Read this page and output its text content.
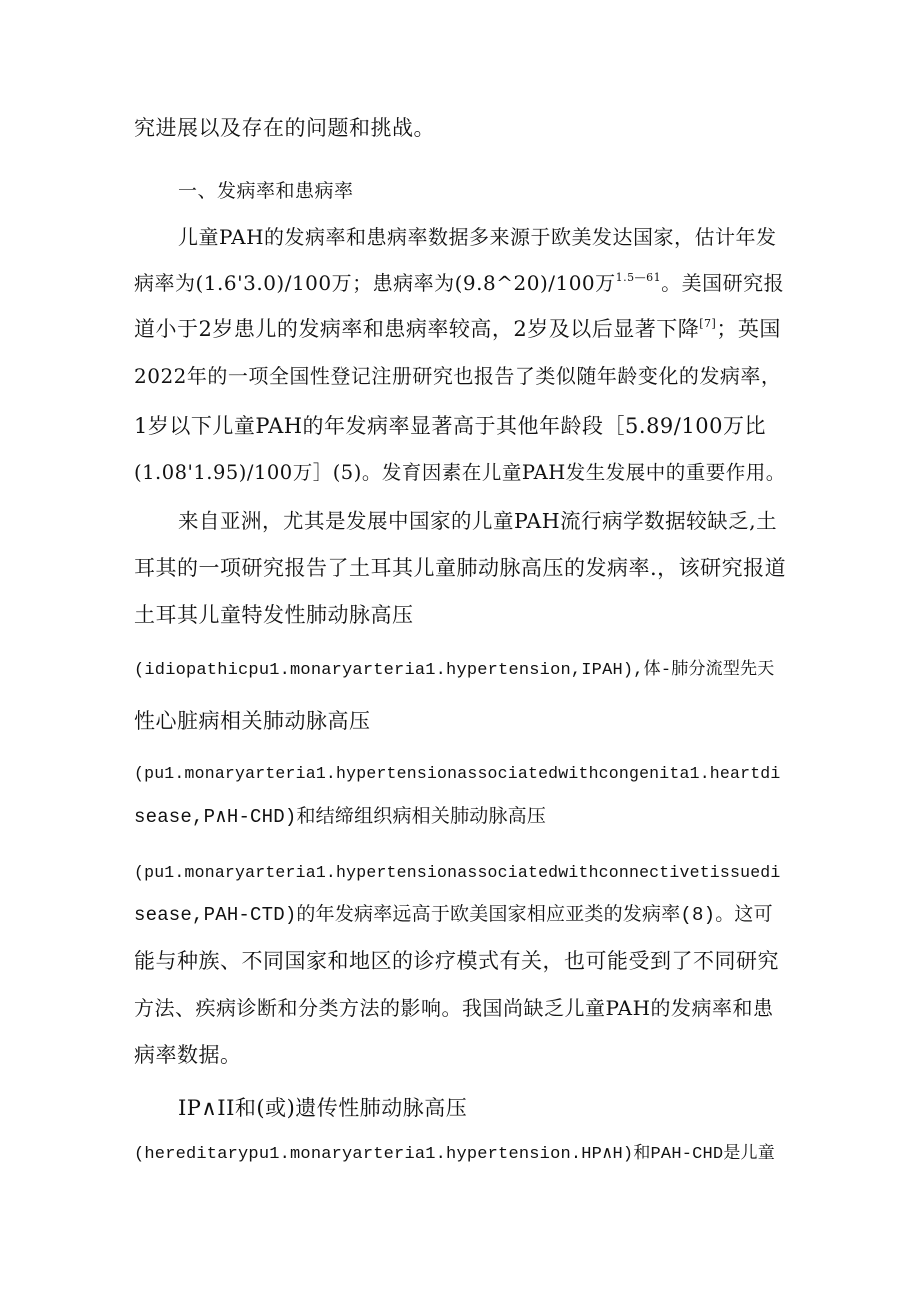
究进展以及存在的问题和挑战。
一、发病率和患病率
儿童PAH的发病率和患病率数据多来源于欧美发达国家，估计年发
病率为(1.6'3.0)/100万；患病率为(9.8^20)/100万$^{1.5—61}$。美国研究报
道小于2岁患儿的发病率和患病率较高，2岁及以后显著下降[7]；英国
2022年的一项全国性登记注册研究也报告了类似随年龄变化的发病率，
1岁以下儿童PAH的年发病率显著高于其他年龄段［5.89/100万比
(1.08'1.95)/100万］(5)。发育因素在儿童PAH发生发展中的重要作用。
来自亚洲，尤其是发展中国家的儿童PAH流行病学数据较缺乏,土
耳其的一项研究报告了土耳其儿童肺动脉高压的发病率.，该研究报道
土耳其儿童特发性肺动脉高压
(idiopathicpu1.monaryarteria1.hypertension,IPAH),体-肺分流型先天
性心脏病相关肺动脉高压
(pu1.monaryarteria1.hypertensionassociatedwithcongenita1.heartdi
sease,P∧H-CHD)和结缔组织病相关肺动脉高压
(pu1.monaryarteria1.hypertensionassociatedwithconnectivetissuedi
sease,PAH-CTD)的年发病率远高于欧美国家相应亚类的发病率(8)。这可
能与种族、不同国家和地区的诊疗模式有关，也可能受到了不同研究
方法、疾病诊断和分类方法的影响。我国尚缺乏儿童PAH的发病率和患
病率数据。
IP∧II和(或)遗传性肺动脉高压
(hereditarypu1.monaryarteria1.hypertension.HP∧H)和PAH-CHD是儿童
